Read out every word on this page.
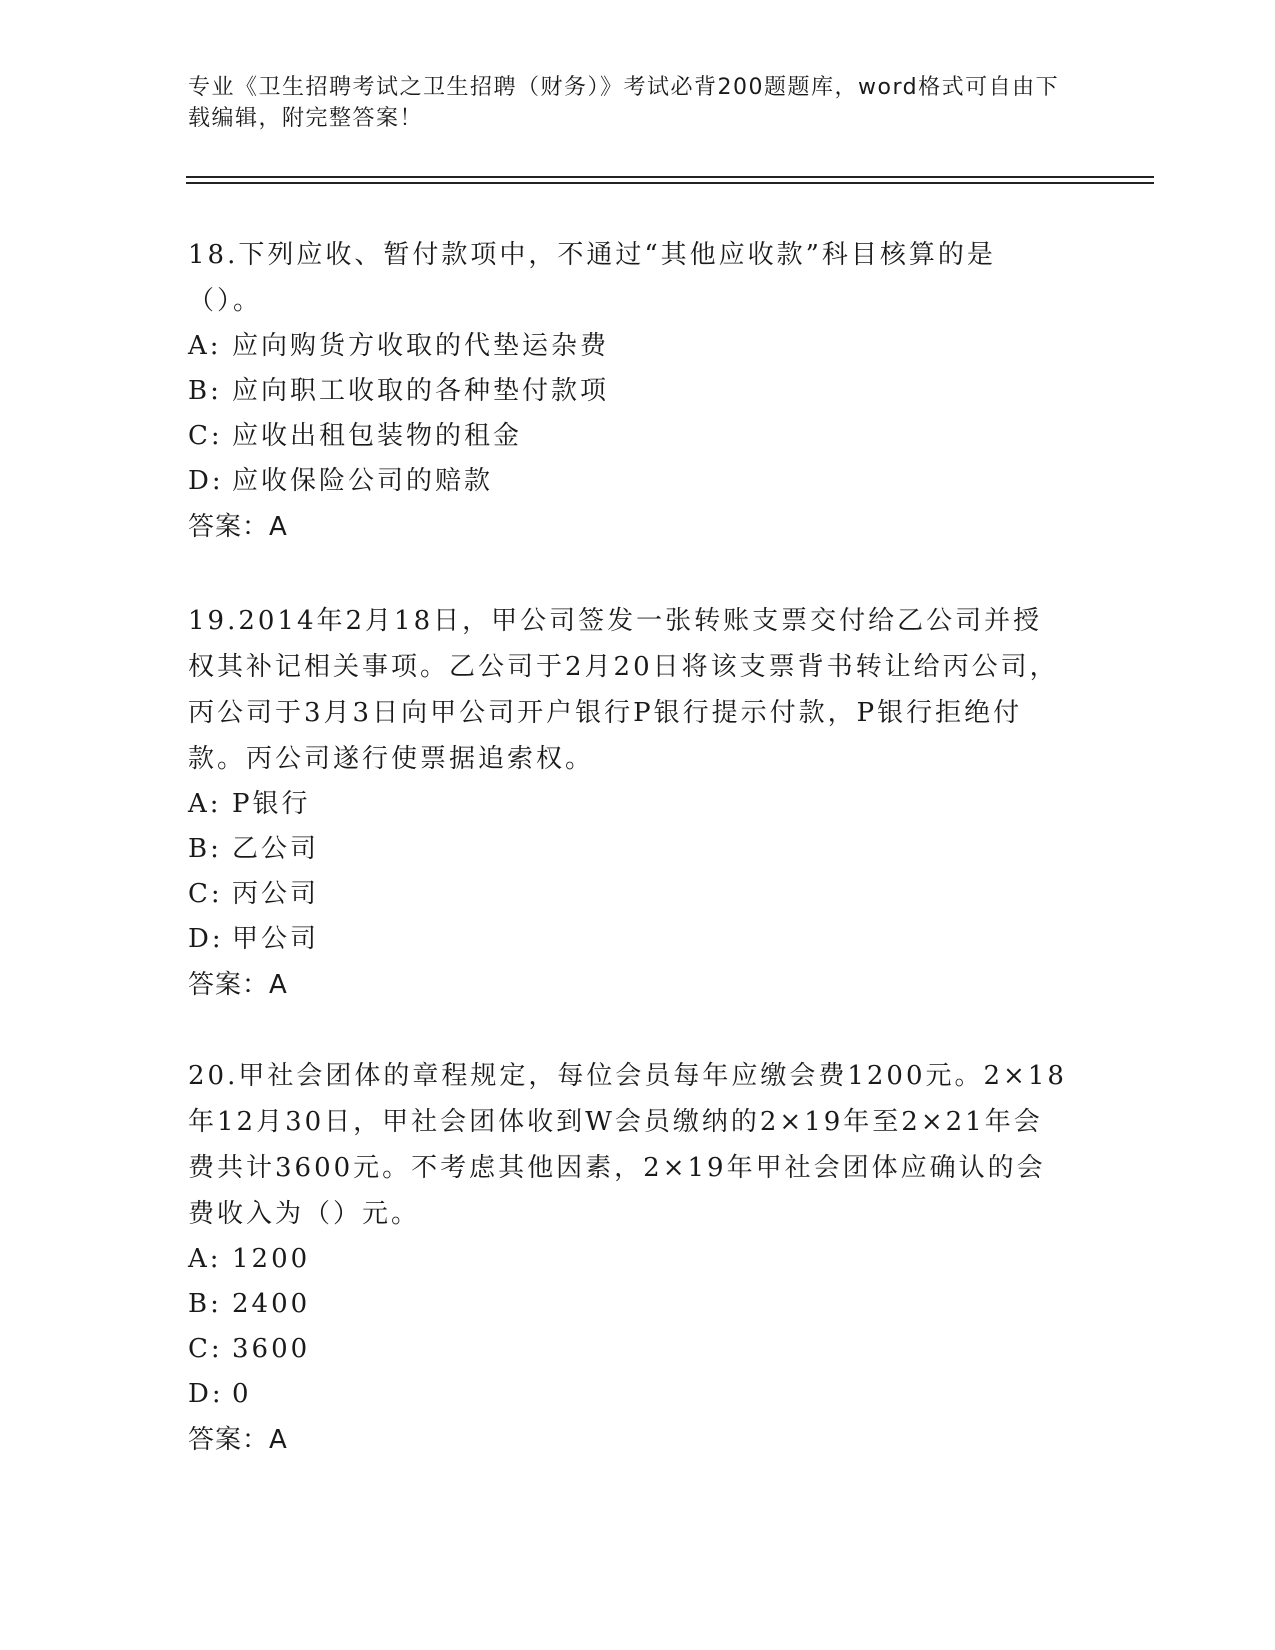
专业《卫生招聘考试之卫生招聘（财务）》考试必背200题题库，word格式可自由下载编辑，附完整答案！

18.下列应收、暂付款项中，不通过“其他应收款”科目核算的是（）。

A: 应向购货方收取的代垫运杂费

B: 应向职工收取的各种垫付款项

C: 应收出租包装物的租金

D: 应收保险公司的赔款

答案：A

19.2014年2月18日，甲公司签发一张转账支票交付给乙公司并授权其补记相关事项。乙公司于2月20日将该支票背书转让给丙公司，丙公司于3月3日向甲公司开户银行P银行提示付款，P银行拒绝付款。丙公司遂行使票据追索权。

A: P银行

B: 乙公司

C: 丙公司

D: 甲公司

答案：A

20.甲社会团体的章程规定，每位会员每年应缴会费1200元。2×18年12月30日，甲社会团体收到W会员缴纳的2×19年至2×21年会费共计3600元。不考虑其他因素，2×19年甲社会团体应确认的会费收入为（）元。

A: 1200

B: 2400

C: 3600

D: 0

答案：A
